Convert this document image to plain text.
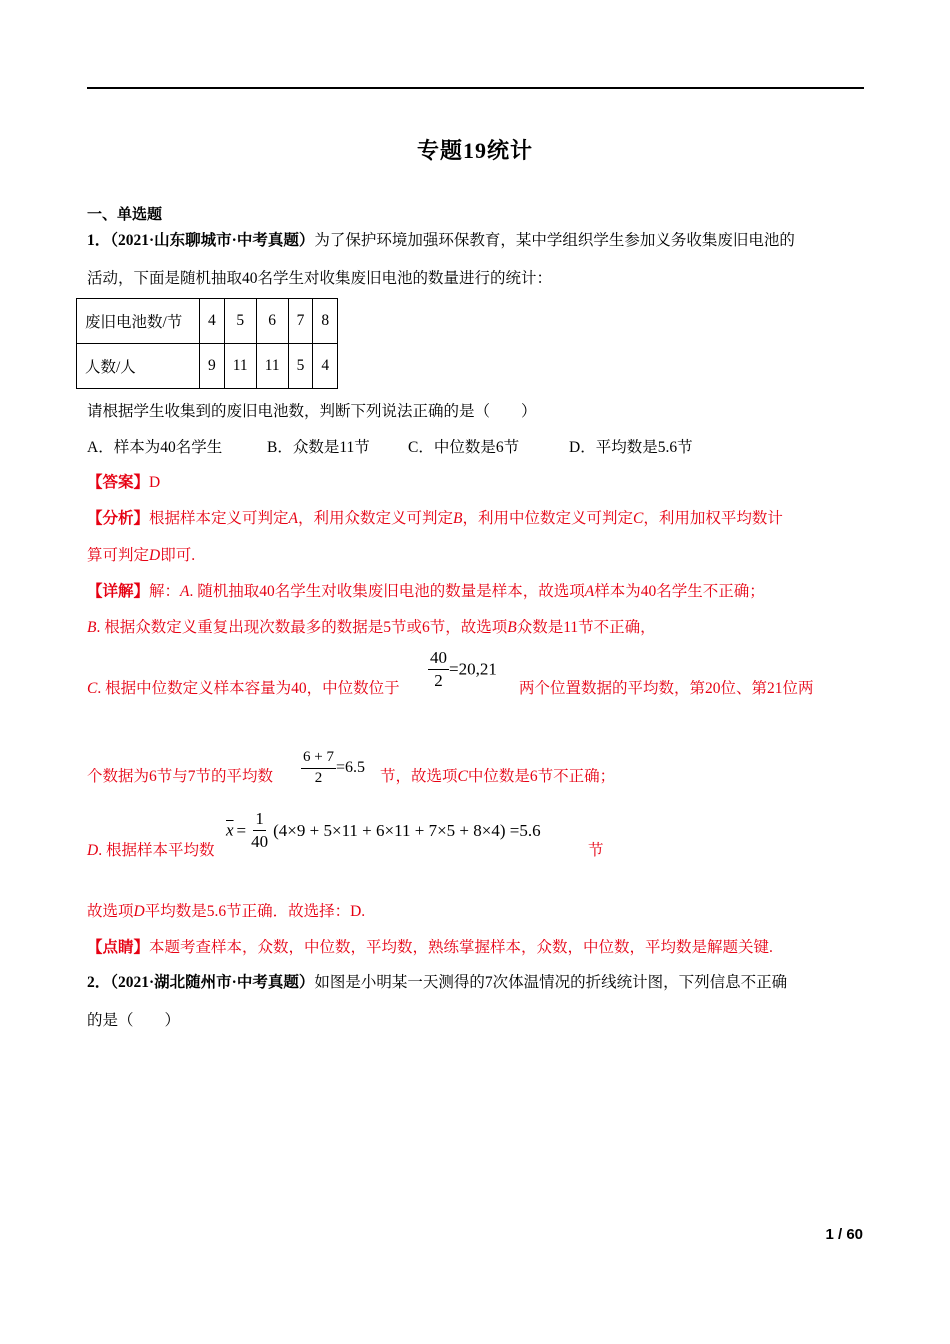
专题19统计
一、单选题
1．（2021·山东聊城市·中考真题）为了保护环境加强环保教育，某中学组织学生参加义务收集废旧电池的
活动，下面是随机抽取40名学生对收集废旧电池的数量进行的统计：
废旧电池数/节	4	5	6	7	8
人数/人	9	11	11	5	4
请根据学生收集到的废旧电池数，判断下列说法正确的是（　　）
A．样本为40名学生	B．众数是11节 C．中位数是6节	D．平均数是5.6节
【答案】D
【分析】根据样本定义可判定A，利用众数定义可判定B，利用中位数定义可判定C，利用加权平均数计
算可判定D即可.
【详解】解：A. 随机抽取40名学生对收集废旧电池的数量是样本，故选项A样本为40名学生不正确；
B. 根据众数定义重复出现次数最多的数据是5节或6节，故选项B众数是11节不正确，
C. 根据中位数定义样本容量为40，中位数位于 $\frac{40}{2} =20,21$
两个位置数据的平均数，第20位、第21位两
个数据为6节与7节的平均数 $\frac{6 + 7}{2} =6.5$
节，故选项C中位数是6节不正确；
D. 根据样本平均数
$\overline{x} = \frac{1}{40} (4\times 9 + 5\times 11 + 6\times 11 + 7\times 5 + 8\times 4) =5.6$
节
故选项D平均数是5.6节正确．故选择：D.
【点睛】本题考查样本，众数，中位数，平均数，熟练掌握样本，众数，中位数，平均数是解题关键.
2．（2021·湖北随州市·中考真题）如图是小明某一天测得的7次体温情况的折线统计图，下列信息不正确
的是（　　）
1 / 60
